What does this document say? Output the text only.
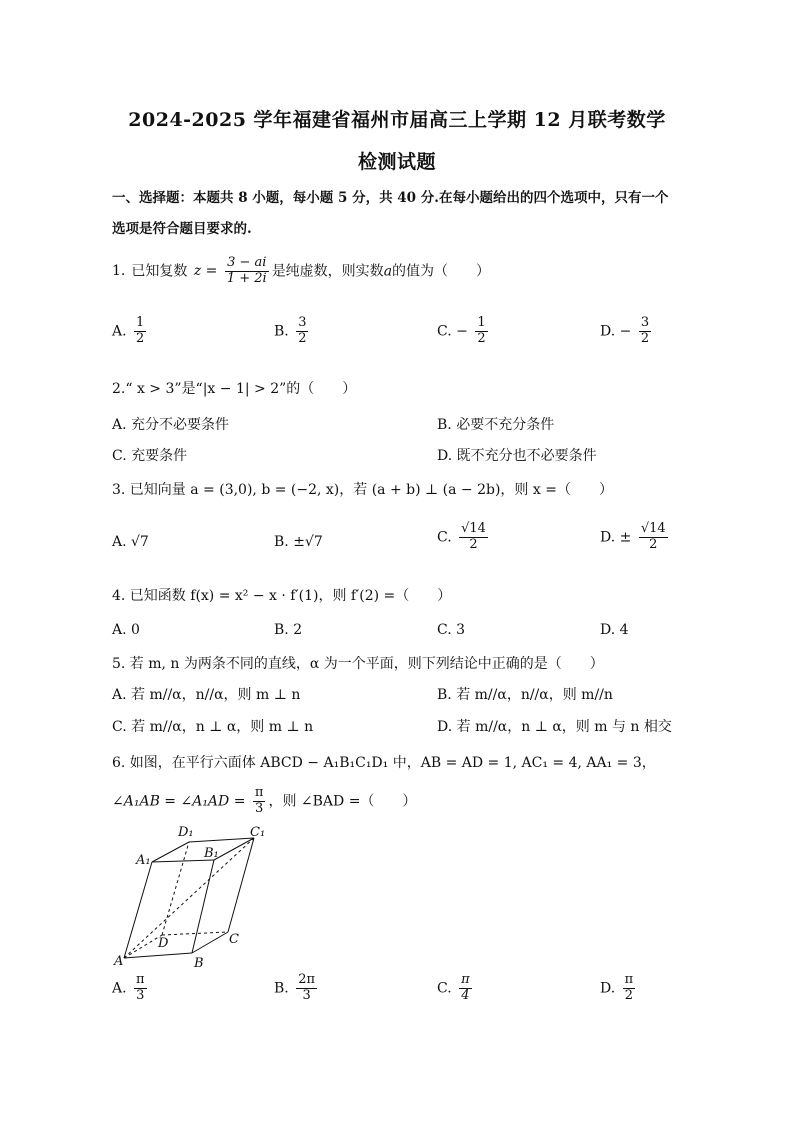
2024-2025 学年福建省福州市届高三上学期 12 月联考数学
检测试题
一、选择题：本题共 8 小题，每小题 5 分，共 40 分.在每小题给出的四个选项中，只有一个
选项是符合题目要求的.
1. 已知复数 $z = \frac{3 - ai}{1 + 2i}$ 是纯虚数，则实数a的值为（　　）
A. $\frac{1}{2}$	B. $\frac{3}{2}$	C. − $\frac{1}{2}$	D. − $\frac{3}{2}$
2.“ x > 3”是“|x − 1| > 2”的（　　）
A. 充分不必要条件	B. 必要不充分条件
C. 充要条件	D. 既不充分也不必要条件
3. 已知向量 a = (3,0), b = (−2, x)，若 (a + b) ⊥ (a − 2b)，则 x =（　　）
A. √7	B. ±√7	C. $\frac{√14}{2}$	D. ± $\frac{√14}{2}$
4. 已知函数 f(x) = x² − x · f′(1)，则 f′(2) =（　　）
A. 0	B. 2	C. 3	D. 4
5. 若 m, n 为两条不同的直线，α 为一个平面，则下列结论中正确的是（　　）
A. 若 m//α，n//α，则 m ⊥ n	B. 若 m//α，n//α，则 m//n
C. 若 m//α，n ⊥ α，则 m ⊥ n	D. 若 m//α，n ⊥ α，则 m 与 n 相交
6. 如图，在平行六面体 ABCD − A₁B₁C₁D₁ 中，AB = AD = 1, AC₁ = 4, AA₁ = 3，
∠A₁AB = ∠A₁AD = $\frac{\pi}{3}$ ，则 ∠BAD =（　　）
A	B
C
D
A₁	B₁
C₁
D₁
A. $\frac{\pi}{3}$	B. $\frac{2\pi}{3}$	C. $\frac{\pi}{4}$	D. $\frac{\pi}{2}$
